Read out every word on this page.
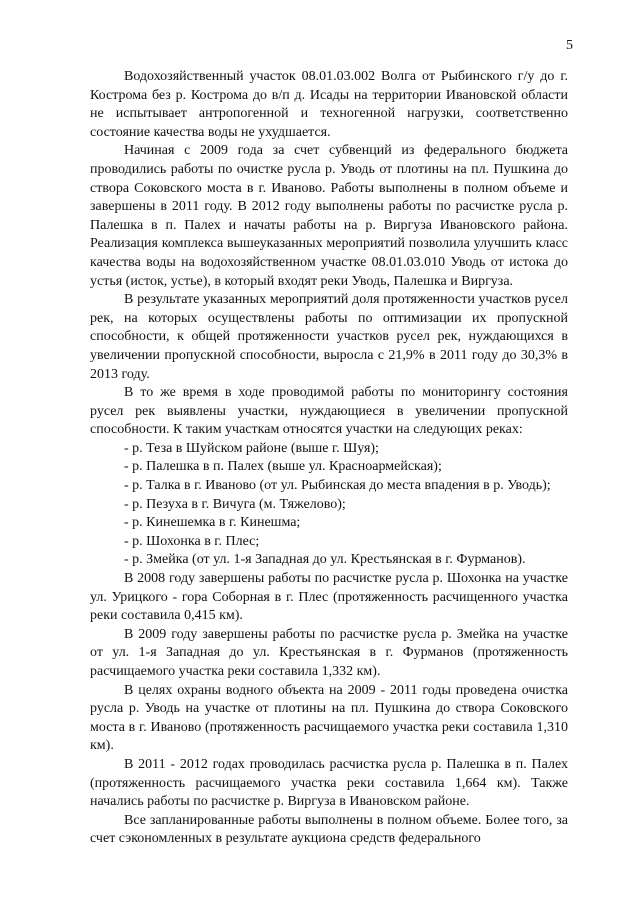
5

Водохозяйственный участок 08.01.03.002 Волга от Рыбинского г/у до г. Кострома без р. Кострома до в/п д. Исады на территории Ивановской области не испытывает антропогенной и техногенной нагрузки, соответственно состояние качества воды не ухудшается.

Начиная с 2009 года за счет субвенций из федерального бюджета проводились работы по очистке русла р. Уводь от плотины на пл. Пушкина до створа Соковского моста в г. Иваново. Работы выполнены в полном объеме и завершены в 2011 году. В 2012 году выполнены работы по расчистке русла р. Палешка в п. Палех и начаты работы на р. Виргуза Ивановского района. Реализация комплекса вышеуказанных мероприятий позволила улучшить класс качества воды на водохозяйственном участке 08.01.03.010 Уводь от истока до устья (исток, устье), в который входят реки Уводь, Палешка и Виргуза.

В результате указанных мероприятий доля протяженности участков русел рек, на которых осуществлены работы по оптимизации их пропускной способности, к общей протяженности участков русел рек, нуждающихся в увеличении пропускной способности, выросла с 21,9% в 2011 году до 30,3% в 2013 году.

В то же время в ходе проводимой работы по мониторингу состояния русел рек выявлены участки, нуждающиеся в увеличении пропускной способности. К таким участкам относятся участки на следующих реках:

- р. Теза в Шуйском районе (выше г. Шуя);

- р. Палешка в п. Палех (выше ул. Красноармейская);

- р. Талка в г. Иваново (от ул. Рыбинская до места впадения в р. Уводь);

- р. Пезуха в г. Вичуга (м. Тяжелово);

- р. Кинешемка в г. Кинешма;

- р. Шохонка в г. Плес;

- р. Змейка (от ул. 1-я Западная до ул. Крестьянская в г. Фурманов).

В 2008 году завершены работы по расчистке русла р. Шохонка на участке ул. Урицкого - гора Соборная в г. Плес (протяженность расчищенного участка реки составила 0,415 км).

В 2009 году завершены работы по расчистке русла р. Змейка на участке от ул. 1-я Западная до ул. Крестьянская в г. Фурманов (протяженность расчищаемого участка реки составила 1,332 км).

В целях охраны водного объекта на 2009 - 2011 годы проведена очистка русла р. Уводь на участке от плотины на пл. Пушкина до створа Соковского моста в г. Иваново (протяженность расчищаемого участка реки составила 1,310 км).

В 2011 - 2012 годах проводилась расчистка русла р. Палешка в п. Палех (протяженность расчищаемого участка реки составила 1,664 км). Также начались работы по расчистке р. Виргуза в Ивановском районе.

Все запланированные работы выполнены в полном объеме. Более того, за счет сэкономленных в результате аукциона средств федерального
